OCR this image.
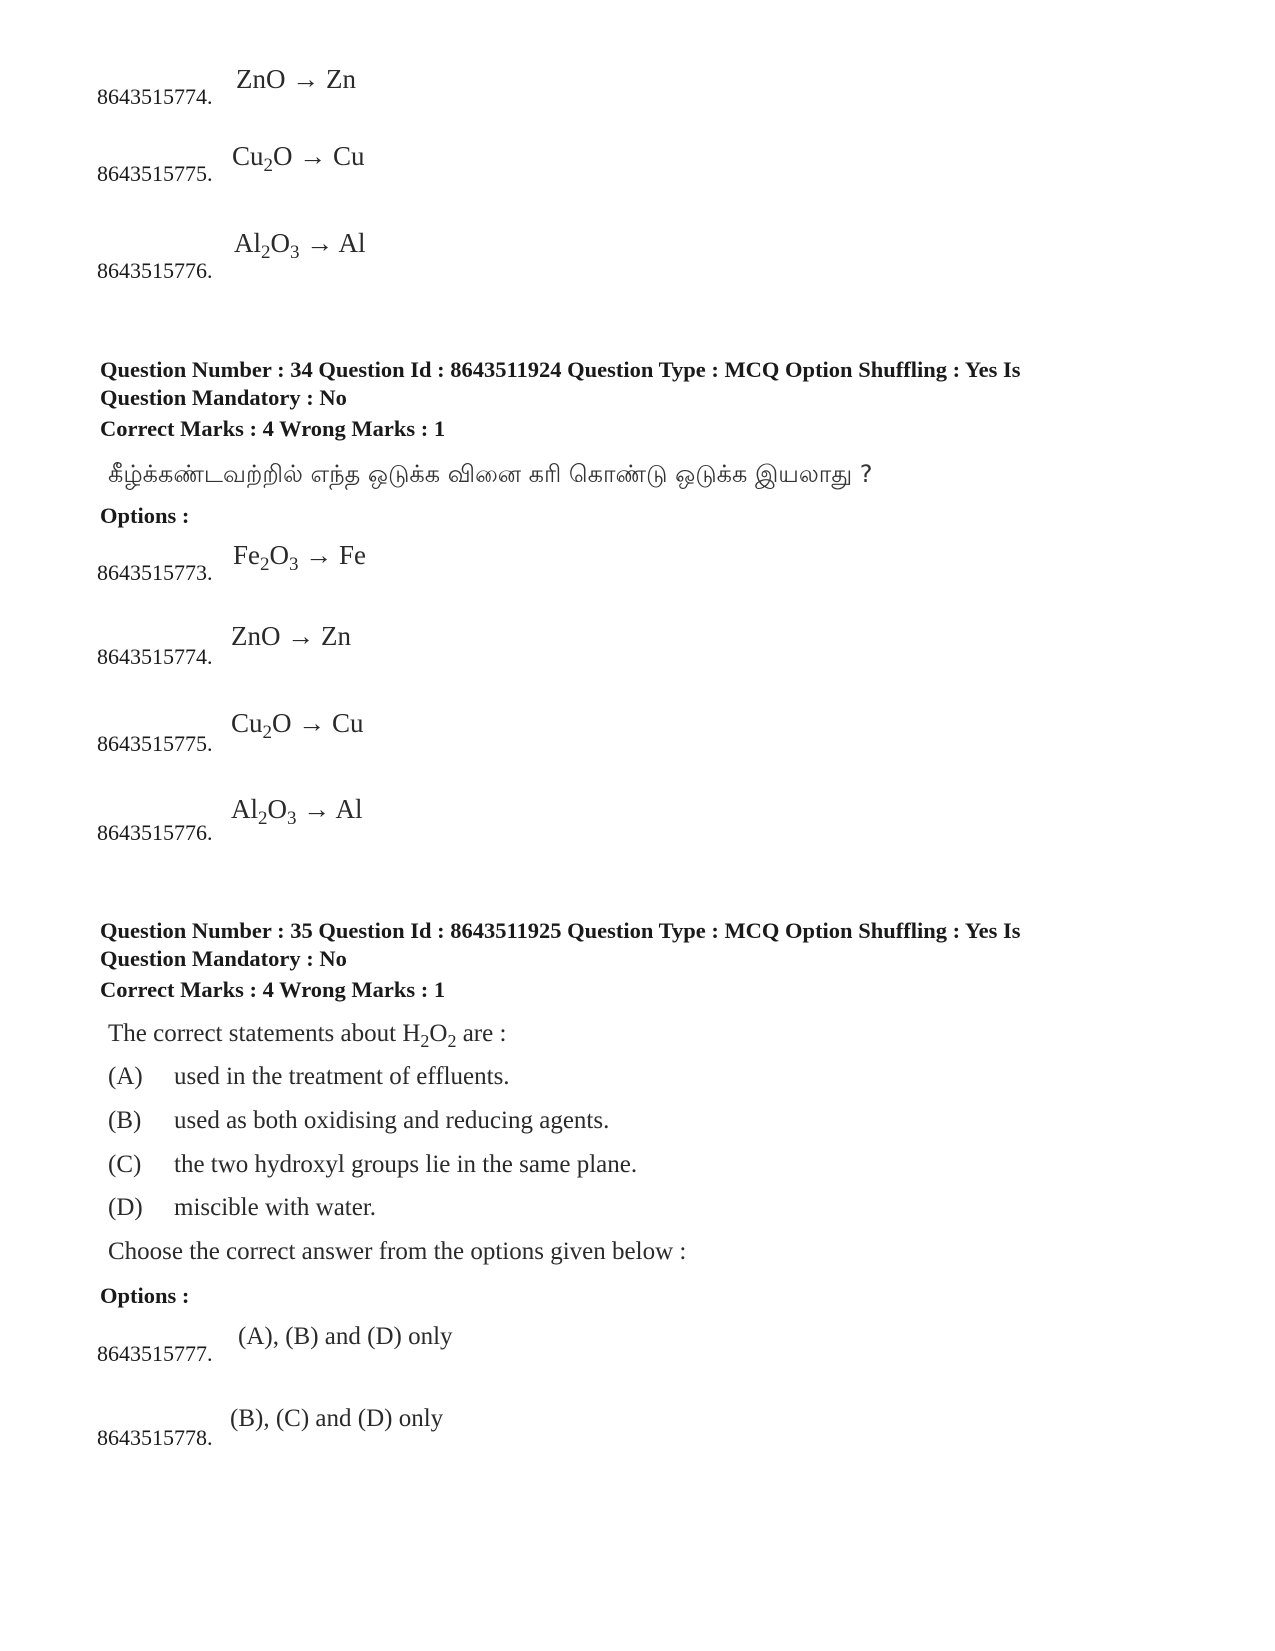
8643515774.
ZnO → Zn
8643515775.
$Cu_2O \to Cu$
8643515776.
$Al_2O_3 \to Al$
Question Number : 34 Question Id : 8643511924 Question Type : MCQ Option Shuffling : Yes Is
Question Mandatory : No
Correct Marks : 4 Wrong Marks : 1
கீழ்க்கண்டவற்றில் எந்த ஒடுக்க வினை கரி கொண்டு ஒடுக்க இயலாது ?
Options :
8643515773.
$Fe_2O_3 \to Fe$
8643515774.
ZnO → Zn
8643515775.
$Cu_2O \to Cu$
8643515776.
$Al_2O_3 \to Al$
Question Number : 35 Question Id : 8643511925 Question Type : MCQ Option Shuffling : Yes Is
Question Mandatory : No
Correct Marks : 4 Wrong Marks : 1
The correct statements about $H_2O_2$ are :
(A) used in the treatment of effluents.
(B) used as both oxidising and reducing agents.
(C) the two hydroxyl groups lie in the same plane.
(D) miscible with water.
Choose the correct answer from the options given below :
Options :
8643515777.
(A), (B) and (D) only
8643515778.
(B), (C) and (D) only
